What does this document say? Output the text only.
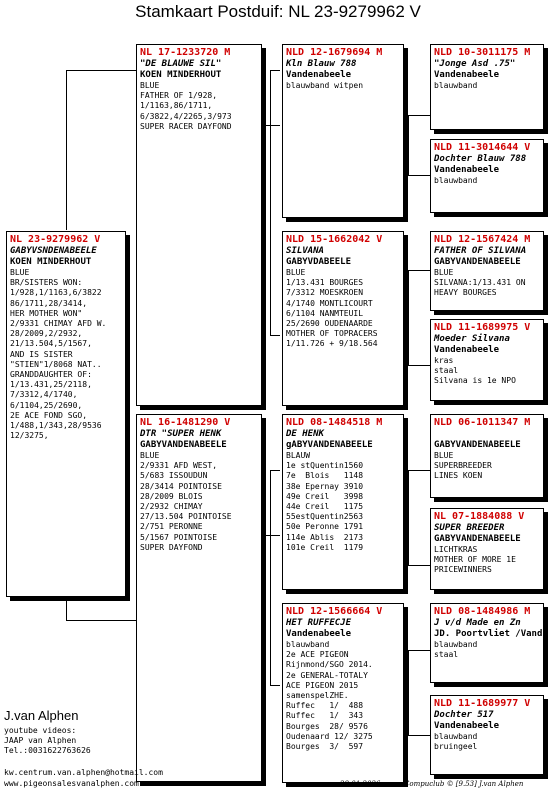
Stamkaart Postduif: NL 23-9279962 V
NL 23-9279962 V
GABYVSNDENABEELE
KOEN MINDERHOUT
BLUE
BR/SISTERS WON:
1/928,1/1163,6/3822
86/1711,28/3414,
HER MOTHER WON"
2/9331 CHIMAY AFD W.
28/2009,2/2932,
21/13.504,5/1567,
AND IS SISTER
"STIEN"1/8068 NAT..
GRANDDAUGHTER OF:
1/13.431,25/2118,
7/3312,4/1740,
6/1104,25/2690,
2E ACE FOND SGO,
1/488,1/343,28/9536
12/3275,
NL 17-1233720 M
"DE BLAUWE SIL"
KOEN MINDERHOUT
BLUE
FATHER OF 1/928,
1/1163,86/1711,
6/3822,4/2265,3/973
SUPER RACER DAYFOND
NL 16-1481290 V
DTR "SUPER HENK
GABYVANDENABEELE
BLUE
2/9331 AFD WEST,
5/683 ISSOUDUN
28/3414 POINTOISE
28/2009 BLOIS
2/2932 CHIMAY
27/13.504 POINTOISE
2/751 PERONNE
5/1567 POINTOISE
SUPER DAYFOND
NLD 12-1679694 M
Kln Blauw 788
Vandenabeele
blauwband witpen
NLD 15-1662042 V
SILVANA
GABYVDABEELE
BLUE
1/13.431 BOURGES
7/3312 MOESKROEN
4/1740 MONTLICOURT
6/1104 NANMTEUIL
25/2690 OUDENAARDE
MOTHER OF TOPRACERS
1/11.726 + 9/18.564
NLD 08-1484518 M
DE HENK
gABYVANDENABEELE
BLAUW
1e stQuentin1560
7e  Blois   1148
38e Epernay 3910
49e Creil   3998
44e Creil   1175
55estQuentin2563
50e Peronne 1791
114e Ablis  2173
101e Creil  1179
NLD 12-1566664 V
HET RUFFECJE
Vandenabeele
blauwband
2e ACE PIGEON
Rijnmond/SGO 2014.
2e GENERAL-TOTALY
ACE PIGEON 2015
samenspelZHE.
Ruffec   1/  488
Ruffec   1/  343
Bourges  28/ 9576
Oudenaard 12/ 3275
Bourges  3/  597
NLD 10-3011175 M
"Jonge Asd .75"
Vandenabeele
blauwband
NLD 11-3014644 V
Dochter Blauw 788
Vandenabeele
blauwband
NLD 12-1567424 M
FATHER OF SILVANA
GABYVANDENABEELE
BLUE
SILVANA:1/13.431 ON
HEAVY BOURGES
NLD 11-1689975 V
Moeder Silvana
Vandenabeele
kras
staal
Silvana is 1e NPO
NLD 06-1011347 M
GABYVANDENABEELE
BLUE
SUPERBREEDER
LINES KOEN
NL 07-1884088 V
SUPER BREEDER
GABYVANDENABEELE
LICHTKRAS
MOTHER OF MORE 1E
PRICEWINNERS
NLD 08-1484986 M
J v/d Made en Zn
JD. Poortvliet /Vand
blauwband
staal
NLD 11-1689977 V
Dochter 517
Vandenabeele
blauwband
bruingeel
J.van Alphen
youtube videos:
JAAP van Alphen
Tel.:0031622763626
kw.centrum.van.alphen@hotmail.com
www.pigeonsalesvanalphen.com	28-01-2026	Compuclub © [9.53] J.van Alphen
